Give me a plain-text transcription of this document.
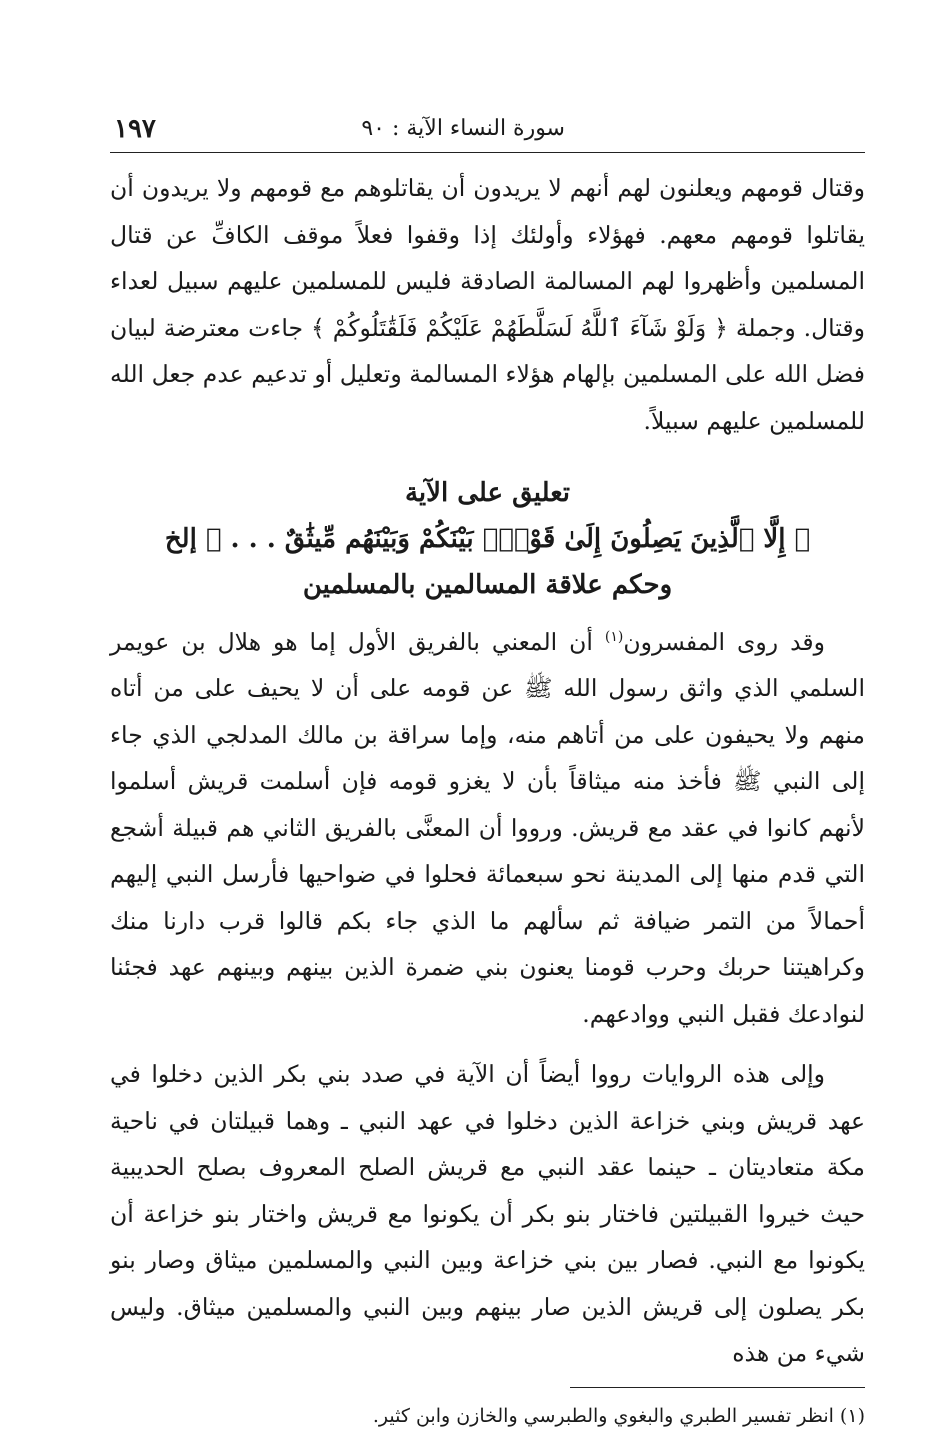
سورة النساء الآية : ٩٠
١٩٧

وقتال قومهم ويعلنون لهم أنهم لا يريدون أن يقاتلوهم مع قومهم ولا يريدون أن يقاتلوا قومهم معهم. فهؤلاء وأولئك إذا وقفوا فعلاً موقف الكافِّ عن قتال المسلمين وأظهروا لهم المسالمة الصادقة فليس للمسلمين عليهم سبيل لعداء وقتال. وجملة ﴿ وَلَوْ شَآءَ ٱللَّهُ لَسَلَّطَهُمْ عَلَيْكُمْ فَلَقَٰتَلُوكُمْ ﴾ جاءت معترضة لبيان فضل الله على المسلمين بإلهام هؤلاء المسالمة وتعليل أو تدعيم عدم جعل الله للمسلمين عليهم سبيلاً.

تعليق على الآية

﴿ إِلَّا ٱلَّذِينَ يَصِلُونَ إِلَىٰ قَوْمٍۭ بَيْنَكُمْ وَبَيْنَهُم مِّيثَٰقٌ . . . ﴾ إلخ

وحكم علاقة المسالمين بالمسلمين

وقد روى المفسرون$^{(١)}$ أن المعني بالفريق الأول إما هو هلال بن عويمر السلمي الذي واثق رسول الله ﷺ عن قومه على أن لا يحيف على من أتاه منهم ولا يحيفون على من أتاهم منه، وإما سراقة بن مالك المدلجي الذي جاء إلى النبي ﷺ فأخذ منه ميثاقاً بأن لا يغزو قومه فإن أسلمت قريش أسلموا لأنهم كانوا في عقد مع قريش. ورووا أن المعنَّى بالفريق الثاني هم قبيلة أشجع التي قدم منها إلى المدينة نحو سبعمائة فحلوا في ضواحيها فأرسل النبي إليهم أحمالاً من التمر ضيافة ثم سألهم ما الذي جاء بكم قالوا قرب دارنا منك وكراهيتنا حربك وحرب قومنا يعنون بني ضمرة الذين بينهم وبينهم عهد فجئنا لنوادعك فقبل النبي ووادعهم.

وإلى هذه الروايات رووا أيضاً أن الآية في صدد بني بكر الذين دخلوا في عهد قريش وبني خزاعة الذين دخلوا في عهد النبي ـ وهما قبيلتان في ناحية مكة متعاديتان ـ حينما عقد النبي مع قريش الصلح المعروف بصلح الحديبية حيث خيروا القبيلتين فاختار بنو بكر أن يكونوا مع قريش واختار بنو خزاعة أن يكونوا مع النبي. فصار بين بني خزاعة وبين النبي والمسلمين ميثاق وصار بنو بكر يصلون إلى قريش الذين صار بينهم وبين النبي والمسلمين ميثاق. وليس شيء من هذه

(١) انظر تفسير الطبري والبغوي والطبرسي والخازن وابن كثير.
